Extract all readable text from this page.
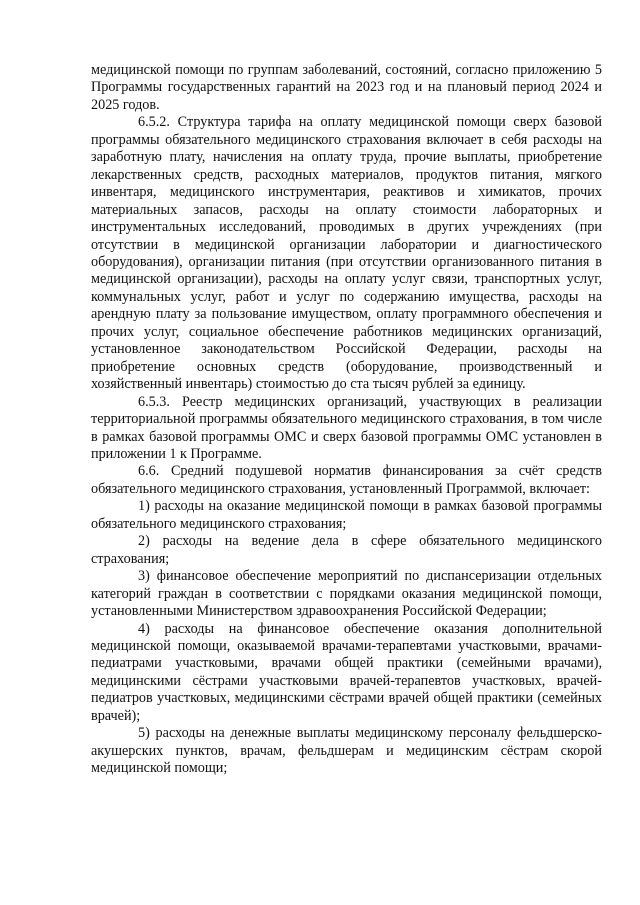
медицинской помощи по группам заболеваний, состояний, согласно приложению 5 Программы государственных гарантий на 2023 год и на плановый период 2024 и 2025 годов.

6.5.2. Структура тарифа на оплату медицинской помощи сверх базовой программы обязательного медицинского страхования включает в себя расходы на заработную плату, начисления на оплату труда, прочие выплаты, приобретение лекарственных средств, расходных материалов, продуктов питания, мягкого инвентаря, медицинского инструментария, реактивов и химикатов, прочих материальных запасов, расходы на оплату стоимости лабораторных и инструментальных исследований, проводимых в других учреждениях (при отсутствии в медицинской организации лаборатории и диагностического оборудования), организации питания (при отсутствии организованного питания в медицинской организации), расходы на оплату услуг связи, транспортных услуг, коммунальных услуг, работ и услуг по содержанию имущества, расходы на арендную плату за пользование имуществом, оплату программного обеспечения и прочих услуг, социальное обеспечение работников медицинских организаций, установленное законодательством Российской Федерации, расходы на приобретение основных средств (оборудование, производственный и хозяйственный инвентарь) стоимостью до ста тысяч рублей за единицу.

6.5.3. Реестр медицинских организаций, участвующих в реализации территориальной программы обязательного медицинского страхования, в том числе в рамках базовой программы ОМС и сверх базовой программы ОМС установлен в приложении 1 к Программе.

6.6. Средний подушевой норматив финансирования за счёт средств обязательного медицинского страхования, установленный Программой, включает:

1) расходы на оказание медицинской помощи в рамках базовой программы обязательного медицинского страхования;

2) расходы на ведение дела в сфере обязательного медицинского страхования;

3) финансовое обеспечение мероприятий по диспансеризации отдельных категорий граждан в соответствии с порядками оказания медицинской помощи, установленными Министерством здравоохранения Российской Федерации;

4) расходы на финансовое обеспечение оказания дополнительной медицинской помощи, оказываемой врачами-терапевтами участковыми, врачами-педиатрами участковыми, врачами общей практики (семейными врачами), медицинскими сёстрами участковыми врачей-терапевтов участковых, врачей-педиатров участковых, медицинскими сёстрами врачей общей практики (семейных врачей);

5) расходы на денежные выплаты медицинскому персоналу фельдшерско-акушерских пунктов, врачам, фельдшерам и медицинским сёстрам скорой медицинской помощи;
